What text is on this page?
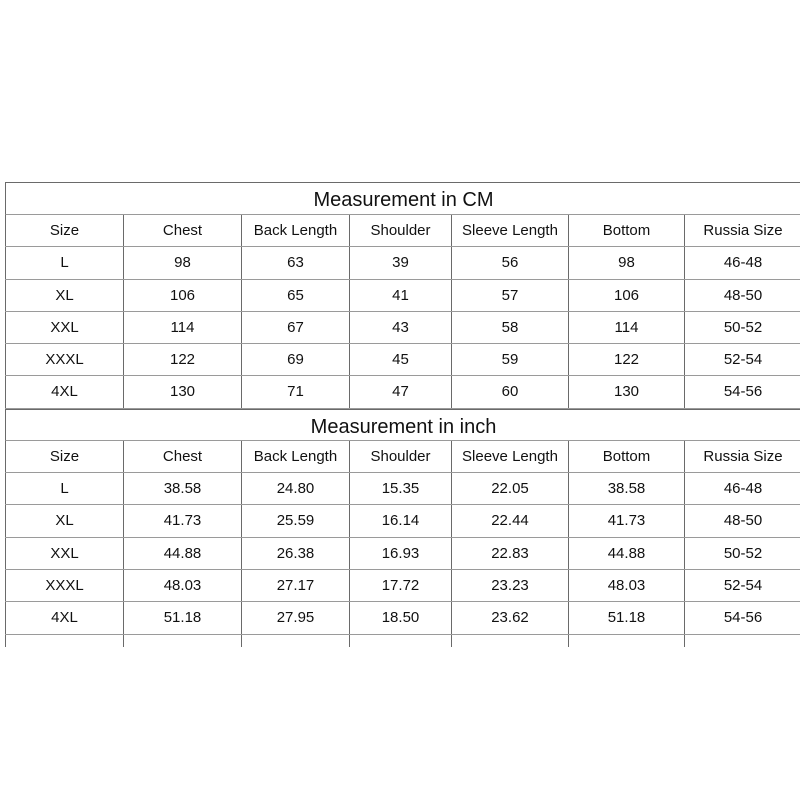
Measurement in CM
Size	Chest	Back Length	Shoulder	Sleeve Length	Bottom	Russia Size
L	98	63	39	56	98	46-48
XL	106	65	41	57	106	48-50
XXL	114	67	43	58	114	50-52
XXXL	122	69	45	59	122	52-54
4XL	130	71	47	60	130	54-56
Measurement in inch
Size	Chest	Back Length	Shoulder	Sleeve Length	Bottom	Russia Size
L	38.58	24.80	15.35	22.05	38.58	46-48
XL	41.73	25.59	16.14	22.44	41.73	48-50
XXL	44.88	26.38	16.93	22.83	44.88	50-52
XXXL	48.03	27.17	17.72	23.23	48.03	52-54
4XL	51.18	27.95	18.50	23.62	51.18	54-56
